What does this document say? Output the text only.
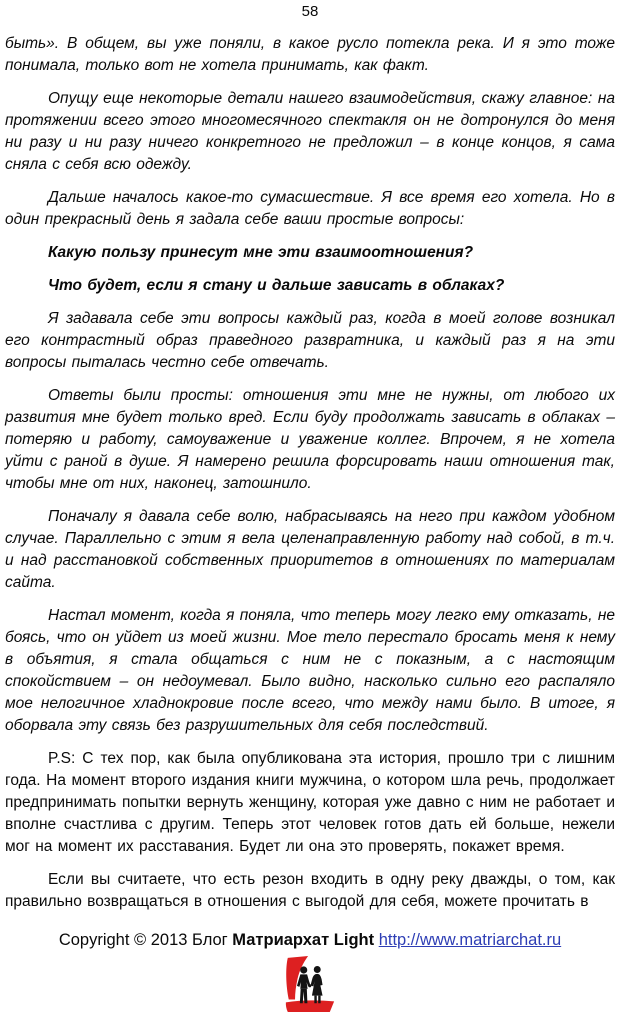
58

быть». В общем, вы уже поняли, в какое русло потекла река. И я это тоже понимала, только вот не хотела принимать, как факт.

Опущу еще некоторые детали нашего взаимодействия, скажу главное: на протяжении всего этого многомесячного спектакля он не дотронулся до меня ни разу и ни разу ничего конкретного не предложил – в конце концов, я сама сняла с себя всю одежду.

Дальше началось какое-то сумасшествие. Я все время его хотела. Но в один прекрасный день я задала себе ваши простые вопросы:

Какую пользу принесут мне эти взаимоотношения?

Что будет, если я стану и дальше зависать в облаках?

Я задавала себе эти вопросы каждый раз, когда в моей голове возникал его контрастный образ праведного развратника, и каждый раз я на эти вопросы пыталась честно себе отвечать.

Ответы были просты: отношения эти мне не нужны, от любого их развития мне будет только вред. Если буду продолжать зависать в облаках – потеряю и работу, самоуважение и уважение коллег. Впрочем, я не хотела уйти с раной в душе. Я намерено решила форсировать наши отношения так, чтобы мне от них, наконец, затошнило.

Поначалу я давала себе волю, набрасываясь на него при каждом удобном случае. Параллельно с этим я вела целенаправленную работу над собой, в т.ч. и над расстановкой собственных приоритетов в отношениях по материалам сайта.

Настал момент, когда я поняла, что теперь могу легко ему отказать, не боясь, что он уйдет из моей жизни. Мое тело перестало бросать меня к нему в объятия, я стала общаться с ним не с показным, а с настоящим спокойствием – он недоумевал. Было видно, насколько сильно его распаляло мое нелогичное хладнокровие после всего, что между нами было. В итоге, я оборвала эту связь без разрушительных для себя последствий.

P.S: С тех пор, как была опубликована эта история, прошло три с лишним года. На момент второго издания книги мужчина, о котором шла речь, продолжает предпринимать попытки вернуть женщину, которая уже давно с ним не работает и вполне счастлива с другим. Теперь этот человек готов дать ей больше, нежели мог на момент их расставания. Будет ли она это проверять, покажет время.

Если вы считаете, что есть резон входить в одну реку дважды, о том, как правильно возвращаться в отношения с выгодой для себя, можете прочитать в

Copyright © 2013 Блог Матриархат Light http://www.matriarchat.ru
